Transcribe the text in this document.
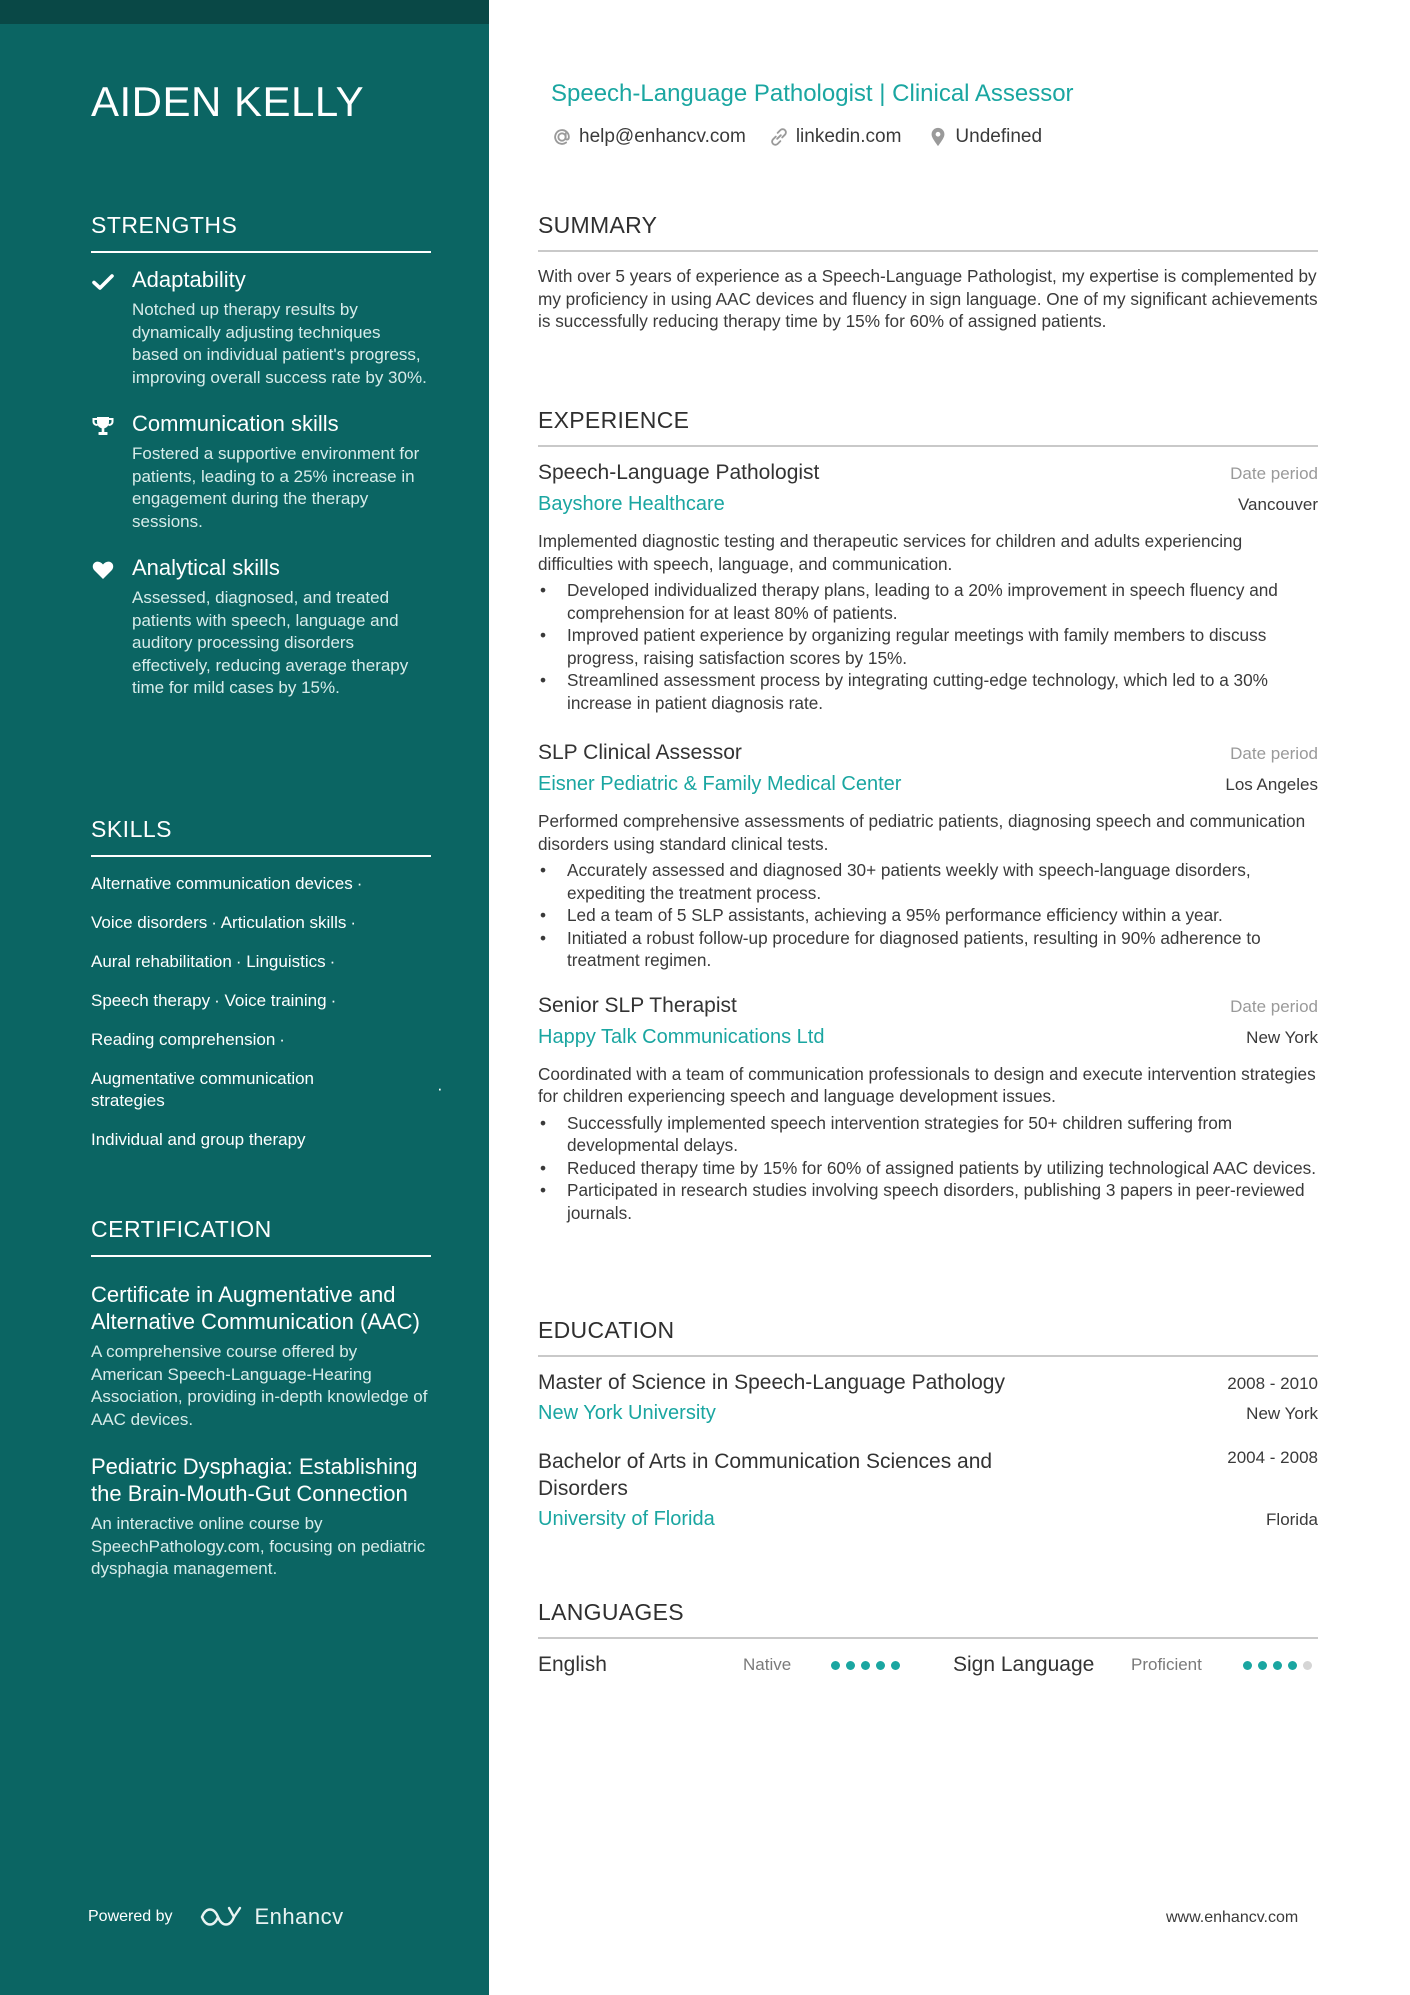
AIDEN KELLY
STRENGTHS
Adaptability
Notched up therapy results by dynamically adjusting techniques based on individual patient's progress, improving overall success rate by 30%.
Communication skills
Fostered a supportive environment for patients, leading to a 25% increase in engagement during the therapy sessions.
Analytical skills
Assessed, diagnosed, and treated patients with speech, language and auditory processing disorders effectively, reducing average therapy time for mild cases by 15%.
SKILLS
Alternative communication devices ·
Voice disorders · Articulation skills ·
Aural rehabilitation · Linguistics ·
Speech therapy · Voice training ·
Reading comprehension ·
Augmentative communication strategies
·
Individual and group therapy
CERTIFICATION
Certificate in Augmentative and Alternative Communication (AAC)
A comprehensive course offered by American Speech-Language-Hearing Association, providing in-depth knowledge of AAC devices.
Pediatric Dysphagia: Establishing the Brain-Mouth-Gut Connection
An interactive online course by SpeechPathology.com, focusing on pediatric dysphagia management.
Powered by	Enhancv
Speech-Language Pathologist | Clinical Assessor
help@enhancv.com	linkedin.com	Undefined
SUMMARY
With over 5 years of experience as a Speech-Language Pathologist, my expertise is complemented by my proficiency in using AAC devices and fluency in sign language. One of my significant achievements is successfully reducing therapy time by 15% for 60% of assigned patients.
EXPERIENCE
Speech-Language Pathologist	Date period
Bayshore Healthcare	Vancouver
Implemented diagnostic testing and therapeutic services for children and adults experiencing difficulties with speech, language, and communication.
• Developed individualized therapy plans, leading to a 20% improvement in speech fluency and comprehension for at least 80% of patients.
• Improved patient experience by organizing regular meetings with family members to discuss progress, raising satisfaction scores by 15%.
• Streamlined assessment process by integrating cutting-edge technology, which led to a 30% increase in patient diagnosis rate.
SLP Clinical Assessor	Date period
Eisner Pediatric & Family Medical Center	Los Angeles
Performed comprehensive assessments of pediatric patients, diagnosing speech and communication disorders using standard clinical tests.
• Accurately assessed and diagnosed 30+ patients weekly with speech-language disorders, expediting the treatment process.
• Led a team of 5 SLP assistants, achieving a 95% performance efficiency within a year.
• Initiated a robust follow-up procedure for diagnosed patients, resulting in 90% adherence to treatment regimen.
Senior SLP Therapist	Date period
Happy Talk Communications Ltd	New York
Coordinated with a team of communication professionals to design and execute intervention strategies for children experiencing speech and language development issues.
• Successfully implemented speech intervention strategies for 50+ children suffering from developmental delays.
• Reduced therapy time by 15% for 60% of assigned patients by utilizing technological AAC devices.
• Participated in research studies involving speech disorders, publishing 3 papers in peer-reviewed journals.
EDUCATION
Master of Science in Speech-Language Pathology	2008 - 2010
New York University	New York
Bachelor of Arts in Communication Sciences and Disorders
2004 - 2008
University of Florida	Florida
LANGUAGES
English	Native	Sign Language	Proficient
www.enhancv.com
